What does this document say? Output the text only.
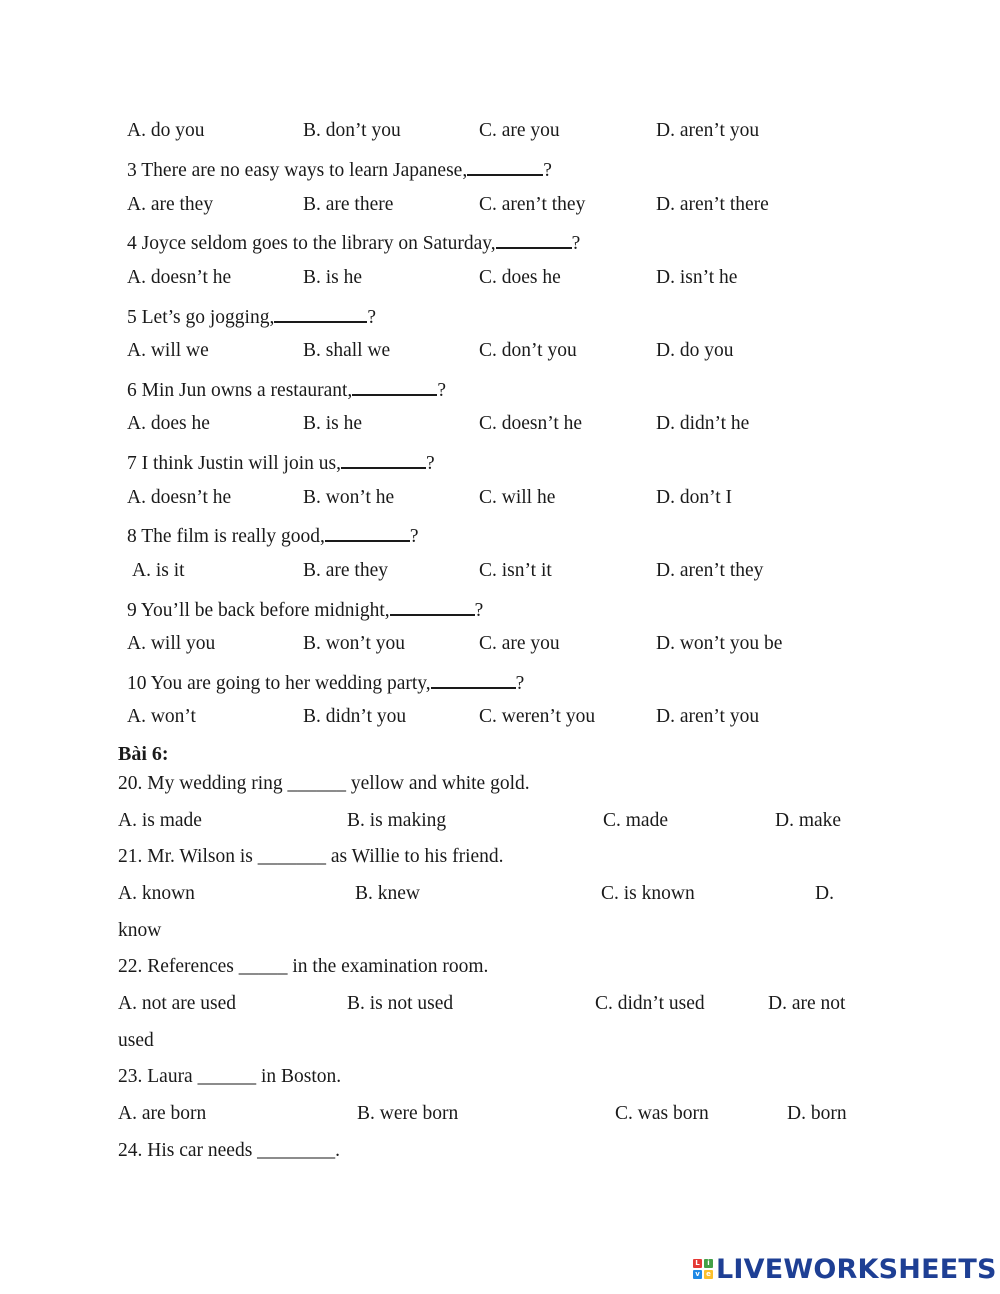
A. do you	B. don’t you	C. are you	D. aren’t you
3 There are no easy ways to learn Japanese,	?
A. are they	B. are there	C. aren’t they	D. aren’t there
4 Joyce seldom goes to the library on Saturday,	?
A. doesn’t he	B. is he	C. does he	D. isn’t he
5 Let’s go jogging,	?
A. will we	B. shall we	C. don’t you	D. do you
6 Min Jun owns a restaurant,	?
A. does he	B. is he	C. doesn’t he	D. didn’t he
7 I think Justin will join us,	?
A. doesn’t he	B. won’t he	C. will he	D. don’t I
8 The film is really good,	?
A. is it	B. are they	C. isn’t it	D. aren’t they
9 You’ll be back before midnight,	?
A. will you	B. won’t you	C. are you	D. won’t you be
10 You are going to her wedding party,	?
A. won’t	B. didn’t you	C. weren’t you	D. aren’t you
Bài 6:
20. My wedding ring ______ yellow and white gold.
A. is made	B. is making	C. made	D. make
21. Mr. Wilson is _______ as Willie to his friend.
A. known	B. knew	C. is known	D.
know
22. References _____ in the examination room.
A. not are used	B. is not used	C. didn’t used	D. are not
used
23. Laura ______ in Boston.
A. are born	B. were born	C. was born	D. born
24. His car needs ________.
L	i
v e LIVEWORKSHEETS
